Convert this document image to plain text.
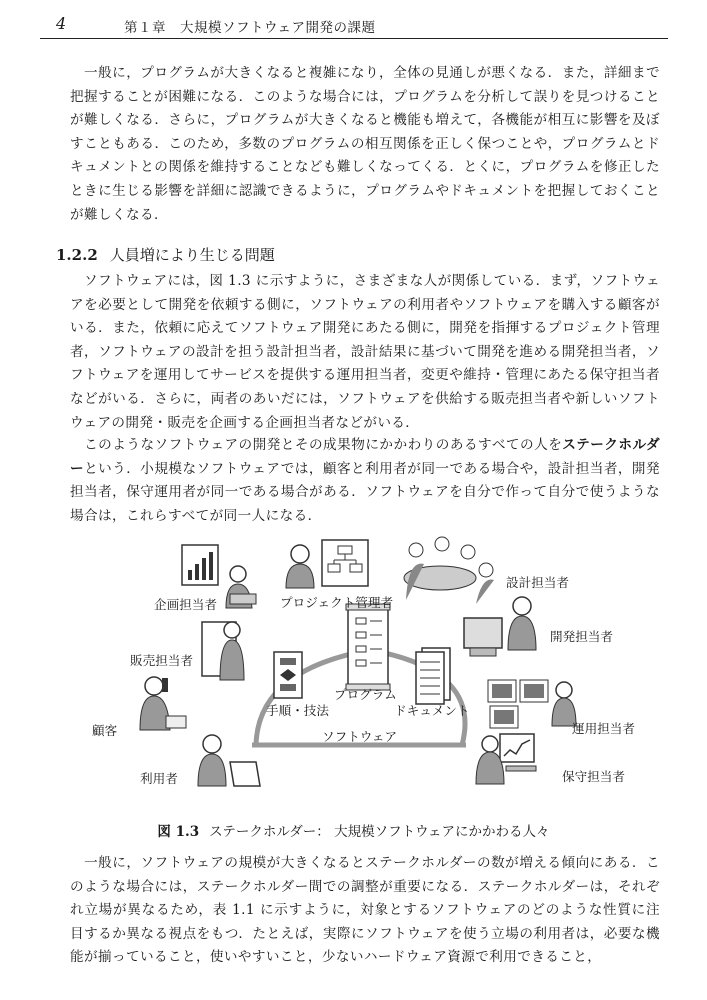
4	第１章　大規模ソフトウェア開発の課題

一般に，プログラムが大きくなると複雑になり，全体の見通しが悪くなる．また，詳細まで把握することが困難になる．このような場合には，プログラムを分析して誤りを見つけることが難しくなる．さらに，プログラムが大きくなると機能も増えて，各機能が相互に影響を及ぼすこともある．このため，多数のプログラムの相互関係を正しく保つことや，プログラムとドキュメントとの関係を維持することなども難しくなってくる．とくに，プログラムを修正したときに生じる影響を詳細に認識できるように，プログラムやドキュメントを把握しておくことが難しくなる．

1.2.2 人員増により生じる問題

ソフトウェアには，図 1.3 に示すように，さまざまな人が関係している．まず，ソフトウェアを必要として開発を依頼する側に，ソフトウェアの利用者やソフトウェアを購入する顧客がいる．また，依頼に応えてソフトウェア開発にあたる側に，開発を指揮するプロジェクト管理者，ソフトウェアの設計を担う設計担当者，設計結果に基づいて開発を進める開発担当者，ソフトウェアを運用してサービスを提供する運用担当者，変更や維持・管理にあたる保守担当者などがいる．さらに，両者のあいだには，ソフトウェアを供給する販売担当者や新しいソフトウェアの開発・販売を企画する企画担当者などがいる．

このようなソフトウェアの開発とその成果物にかかわりのあるすべての人をステークホルダーという．小規模なソフトウェアでは，顧客と利用者が同一である場合や，設計担当者，開発担当者，保守運用者が同一である場合がある．ソフトウェアを自分で作って自分で使うような場合は，これらすべてが同一人になる．

企画担当者	プロジェクト管理者
設計担当者
販売担当者
開発担当者
顧客	運用担当者
利用者	保守担当者
プログラム
手順・技法	ドキュメント
ソフトウェア
図 1.3 ステークホルダー： 大規模ソフトウェアにかかわる人々

一般に，ソフトウェアの規模が大きくなるとステークホルダーの数が増える傾向にある．このような場合には，ステークホルダー間での調整が重要になる．ステークホルダーは，それぞれ立場が異なるため，表 1.1 に示すように，対象とするソフトウェアのどのような性質に注目するか異なる視点をもつ．たとえば，実際にソフトウェアを使う立場の利用者は，必要な機能が揃っていること，使いやすいこと，少ないハードウェア資源で利用できること，
